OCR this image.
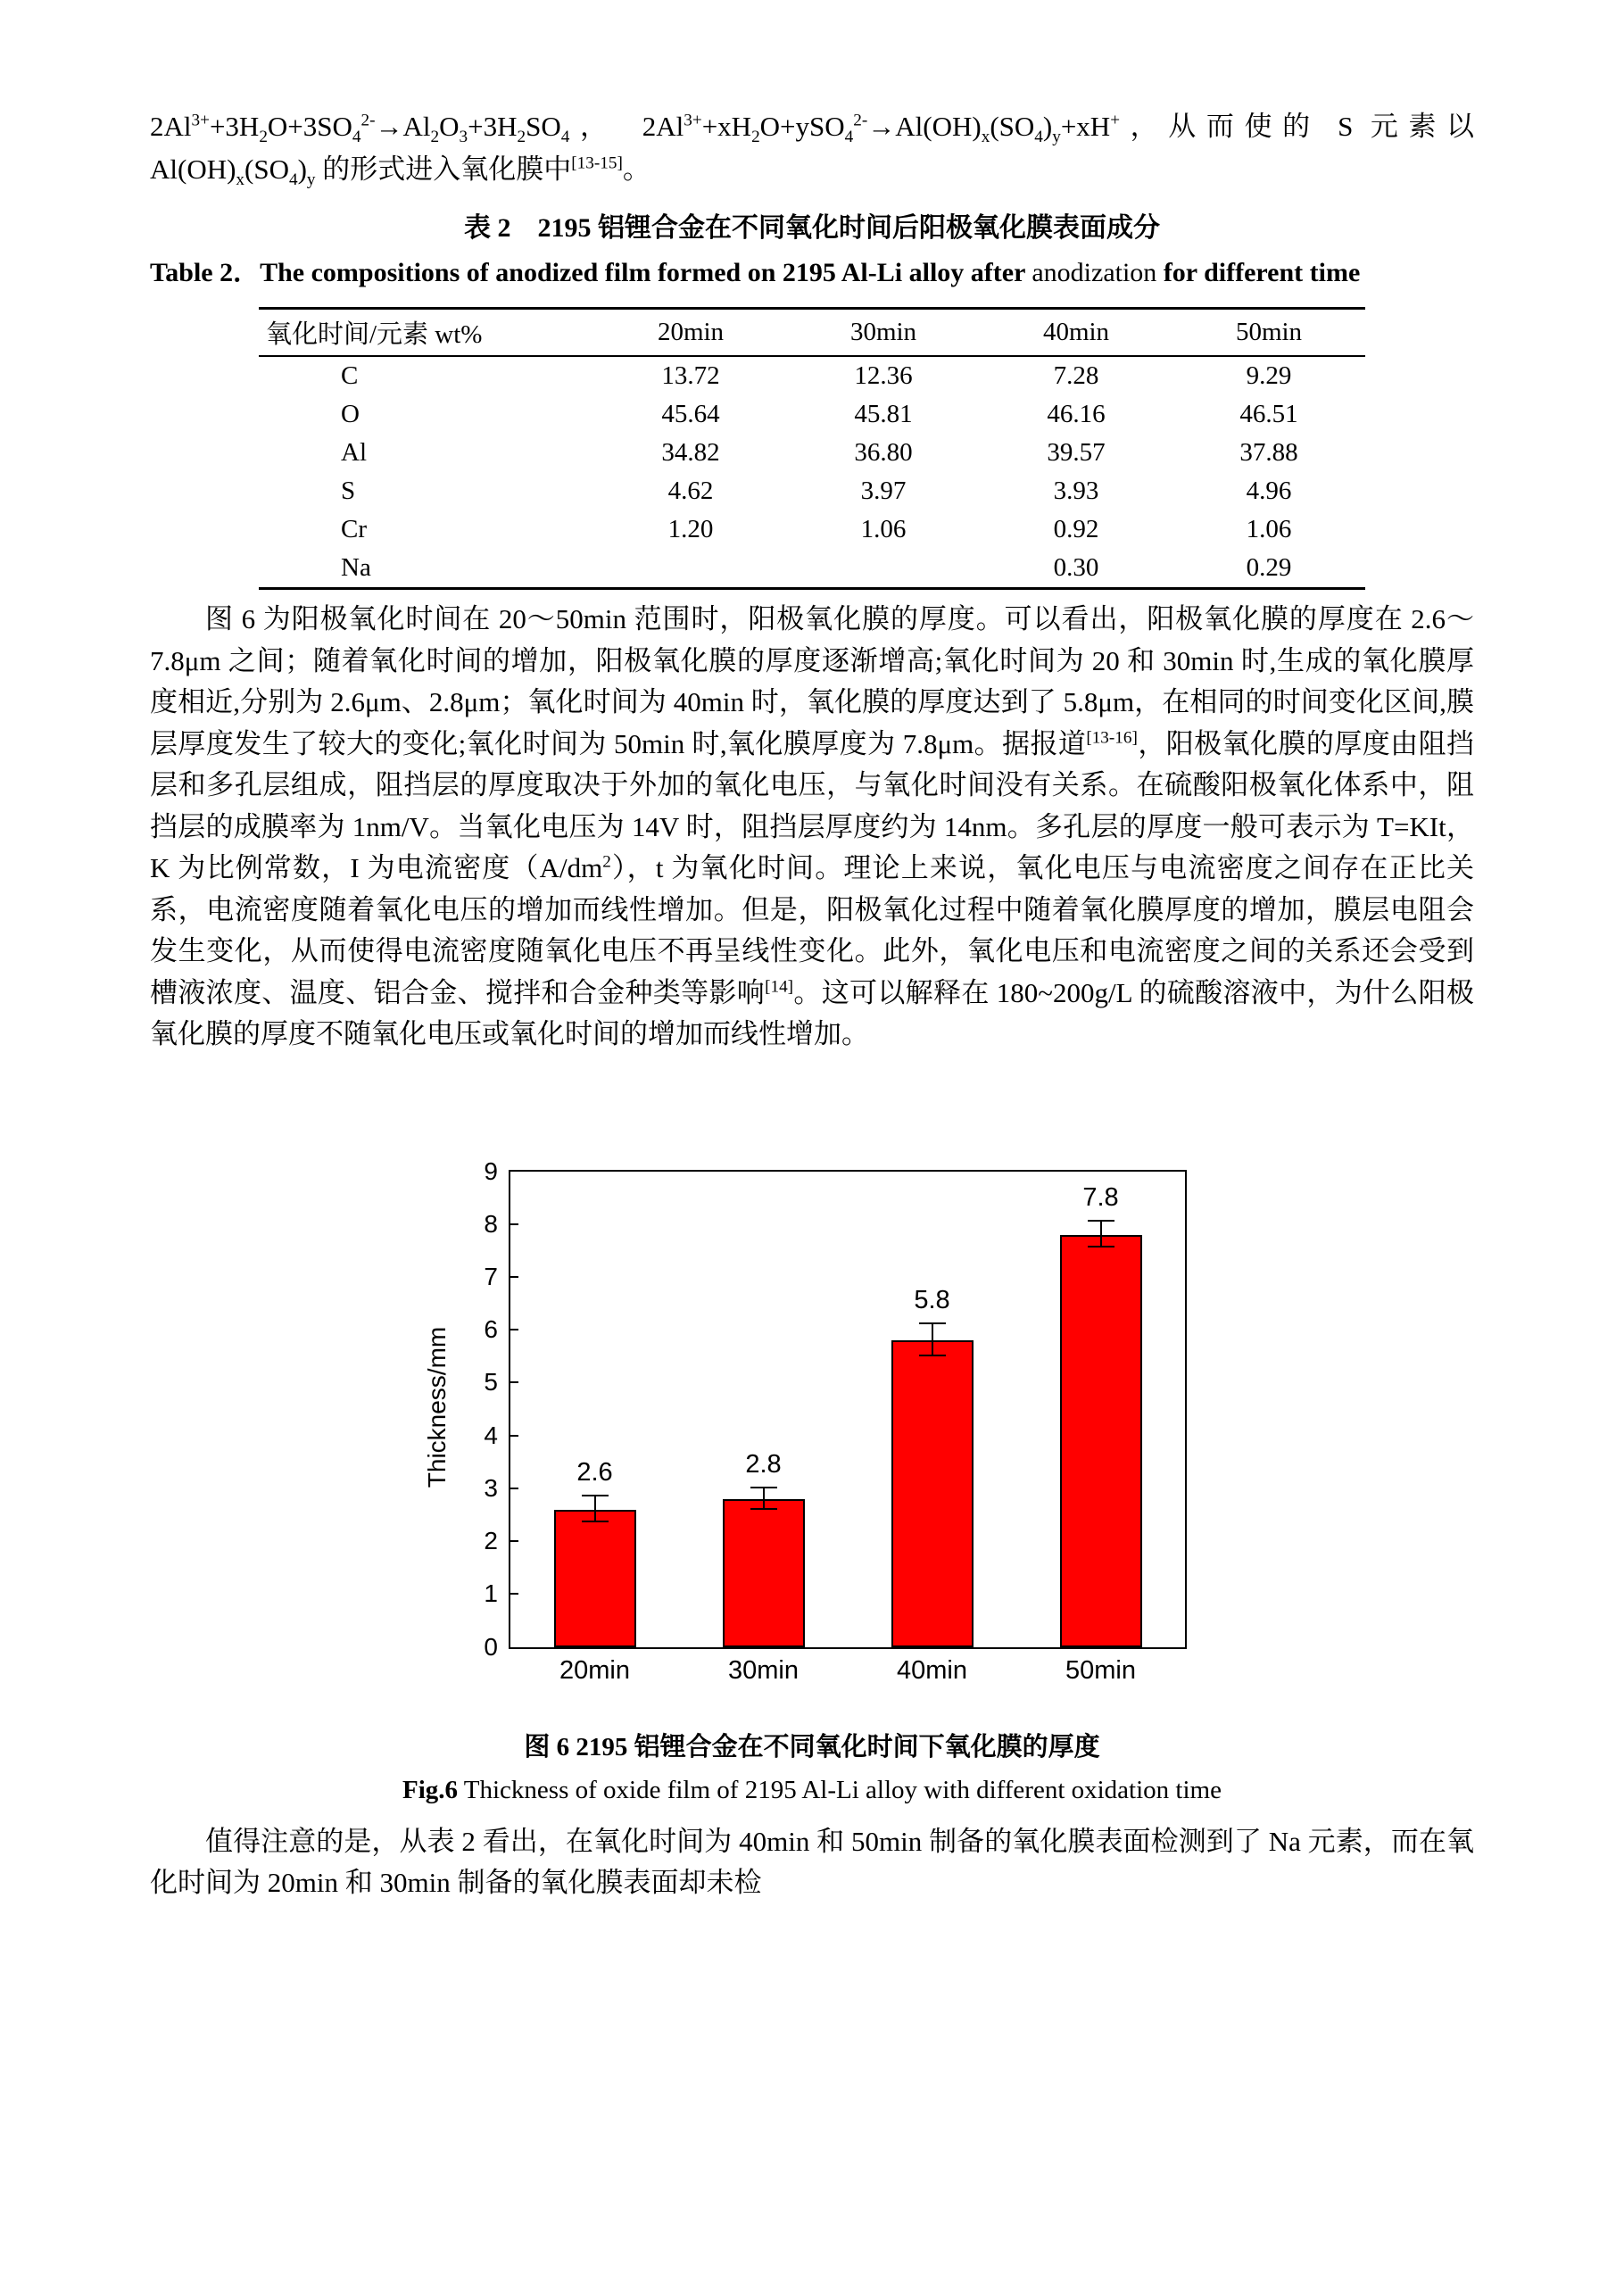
$2Al^{3+}+3H_2O+3SO_4^{2-}\to Al_2O_3+3H_2SO_4$，　$2Al^{3+}+xH_2O+ySO_4^{2-}\to Al(OH)_x(SO_4)_y+xH^+$，从而使的 S 元素以 $Al(OH)_x(SO_4)_y$ 的形式进入氧化膜中[13-15]。

表 2　2195 铝锂合金在不同氧化时间后阳极氧化膜表面成分

Table 2．The compositions of anodized film formed on 2195 Al-Li alloy after anodization for different time

氧化时间/元素 wt%	20min	30min	40min	50min
C	13.72	12.36	7.28	9.29
O	45.64	45.81	46.16	46.51
Al	34.82	36.80	39.57	37.88
S	4.62	3.97	3.93	4.96
Cr	1.20	1.06	0.92	1.06
Na			0.30	0.29

图 6 为阳极氧化时间在 20～50min 范围时，阳极氧化膜的厚度。可以看出，阳极氧化膜的厚度在 2.6～7.8μm 之间；随着氧化时间的增加，阳极氧化膜的厚度逐渐增高;氧化时间为 20 和 30min 时,生成的氧化膜厚度相近,分别为 2.6μm、2.8μm；氧化时间为 40min 时，氧化膜的厚度达到了 5.8μm，在相同的时间变化区间,膜层厚度发生了较大的变化;氧化时间为 50min 时,氧化膜厚度为 7.8μm。据报道[13-16]，阳极氧化膜的厚度由阻挡层和多孔层组成，阻挡层的厚度取决于外加的氧化电压，与氧化时间没有关系。在硫酸阳极氧化体系中，阻挡层的成膜率为 1nm/V。当氧化电压为 14V 时，阻挡层厚度约为 14nm。多孔层的厚度一般可表示为 T=KIt，K 为比例常数，I 为电流密度$(A/dm^2)$，t 为氧化时间。理论上来说，氧化电压与电流密度之间存在正比关系，电流密度随着氧化电压的增加而线性增加。但是，阳极氧化过程中随着氧化膜厚度的增加，膜层电阻会发生变化，从而使得电流密度随氧化电压不再呈线性变化。此外，氧化电压和电流密度之间的关系还会受到槽液浓度、温度、铝合金、搅拌和合金种类等影响[14]。这可以解释在 180~200g/L 的硫酸溶液中，为什么阳极氧化膜的厚度不随氧化电压或氧化时间的增加而线性增加。

Thickness/mm
0
1
2
3
4
5
6
7
8
9
2.6
20min
2.8
30min
5.8
40min
7.8
50min

图 6 2195 铝锂合金在不同氧化时间下氧化膜的厚度

Fig.6 Thickness of oxide film of 2195 Al-Li alloy with different oxidation time

值得注意的是，从表 2 看出，在氧化时间为 40min 和 50min 制备的氧化膜表面检测到了 Na 元素，而在氧化时间为 20min 和 30min 制备的氧化膜表面却未检
